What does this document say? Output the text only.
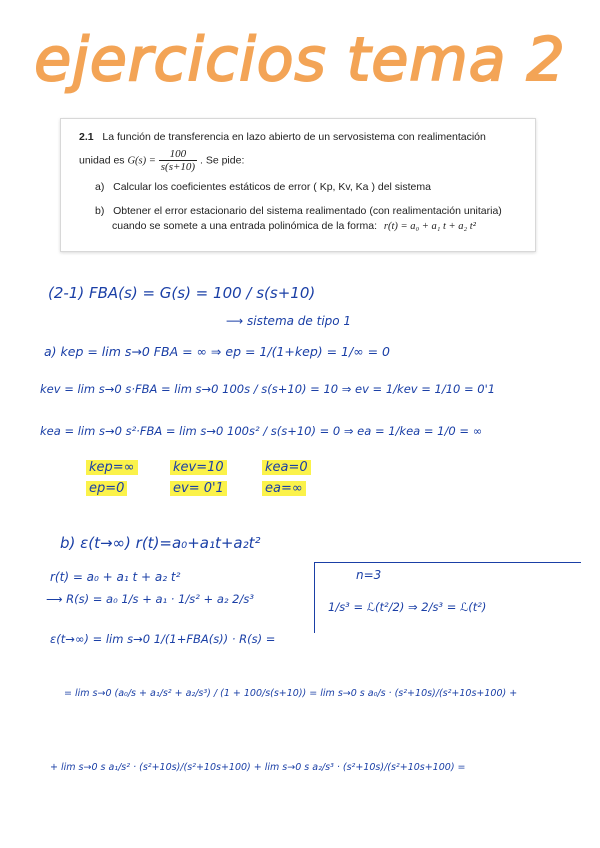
ejercicios tema 2
2.1 La función de transferencia en lazo abierto de un servosistema con realimentación
unidad es $G(s) = \frac{100}{s(s+10)}$ . Se pide:
a) Calcular los coeficientes estáticos de error ( Kp, Kv, Ka ) del sistema
b) Obtener el error estacionario del sistema realimentado (con realimentación unitaria)
cuando se somete a una entrada polinómica de la forma: r(t) = a₀ + a₁ t + a₂ t²
(2-1) FBA(s) = G(s) = 100 / s(s+10)
⟶ sistema de tipo 1
a) kep = lim s→0 FBA = ∞ ⇒ ep = 1/(1+kep) = 1/∞ = 0
kev = lim s→0 s·FBA = lim s→0 100s / s(s+10) = 10 ⇒ ev = 1/kev = 1/10 = 0'1
kea = lim s→0 s²·FBA = lim s→0 100s² / s(s+10) = 0 ⇒ ea = 1/kea = 1/0 = ∞
kep=∞	kev=10	kea=0
ep=0	ev= 0'1	ea=∞
b) ε(t→∞) r(t)=a₀+a₁t+a₂t²
r(t) = a₀ + a₁ t + a₂ t²
⟶ R(s) = a₀ 1/s + a₁ · 1/s² + a₂ 2/s³
n=3
1/s³ = ℒ(t²/2) ⇒ 2/s³ = ℒ(t²)
ε(t→∞) = lim s→0 1/(1+FBA(s)) · R(s) =
= lim s→0 (a₀/s + a₁/s² + a₂/s³) / (1 + 100/s(s+10)) = lim s→0 s a₀/s · (s²+10s)/(s²+10s+100) +
+ lim s→0 s a₁/s² · (s²+10s)/(s²+10s+100) + lim s→0 s a₂/s³ · (s²+10s)/(s²+10s+100) =
